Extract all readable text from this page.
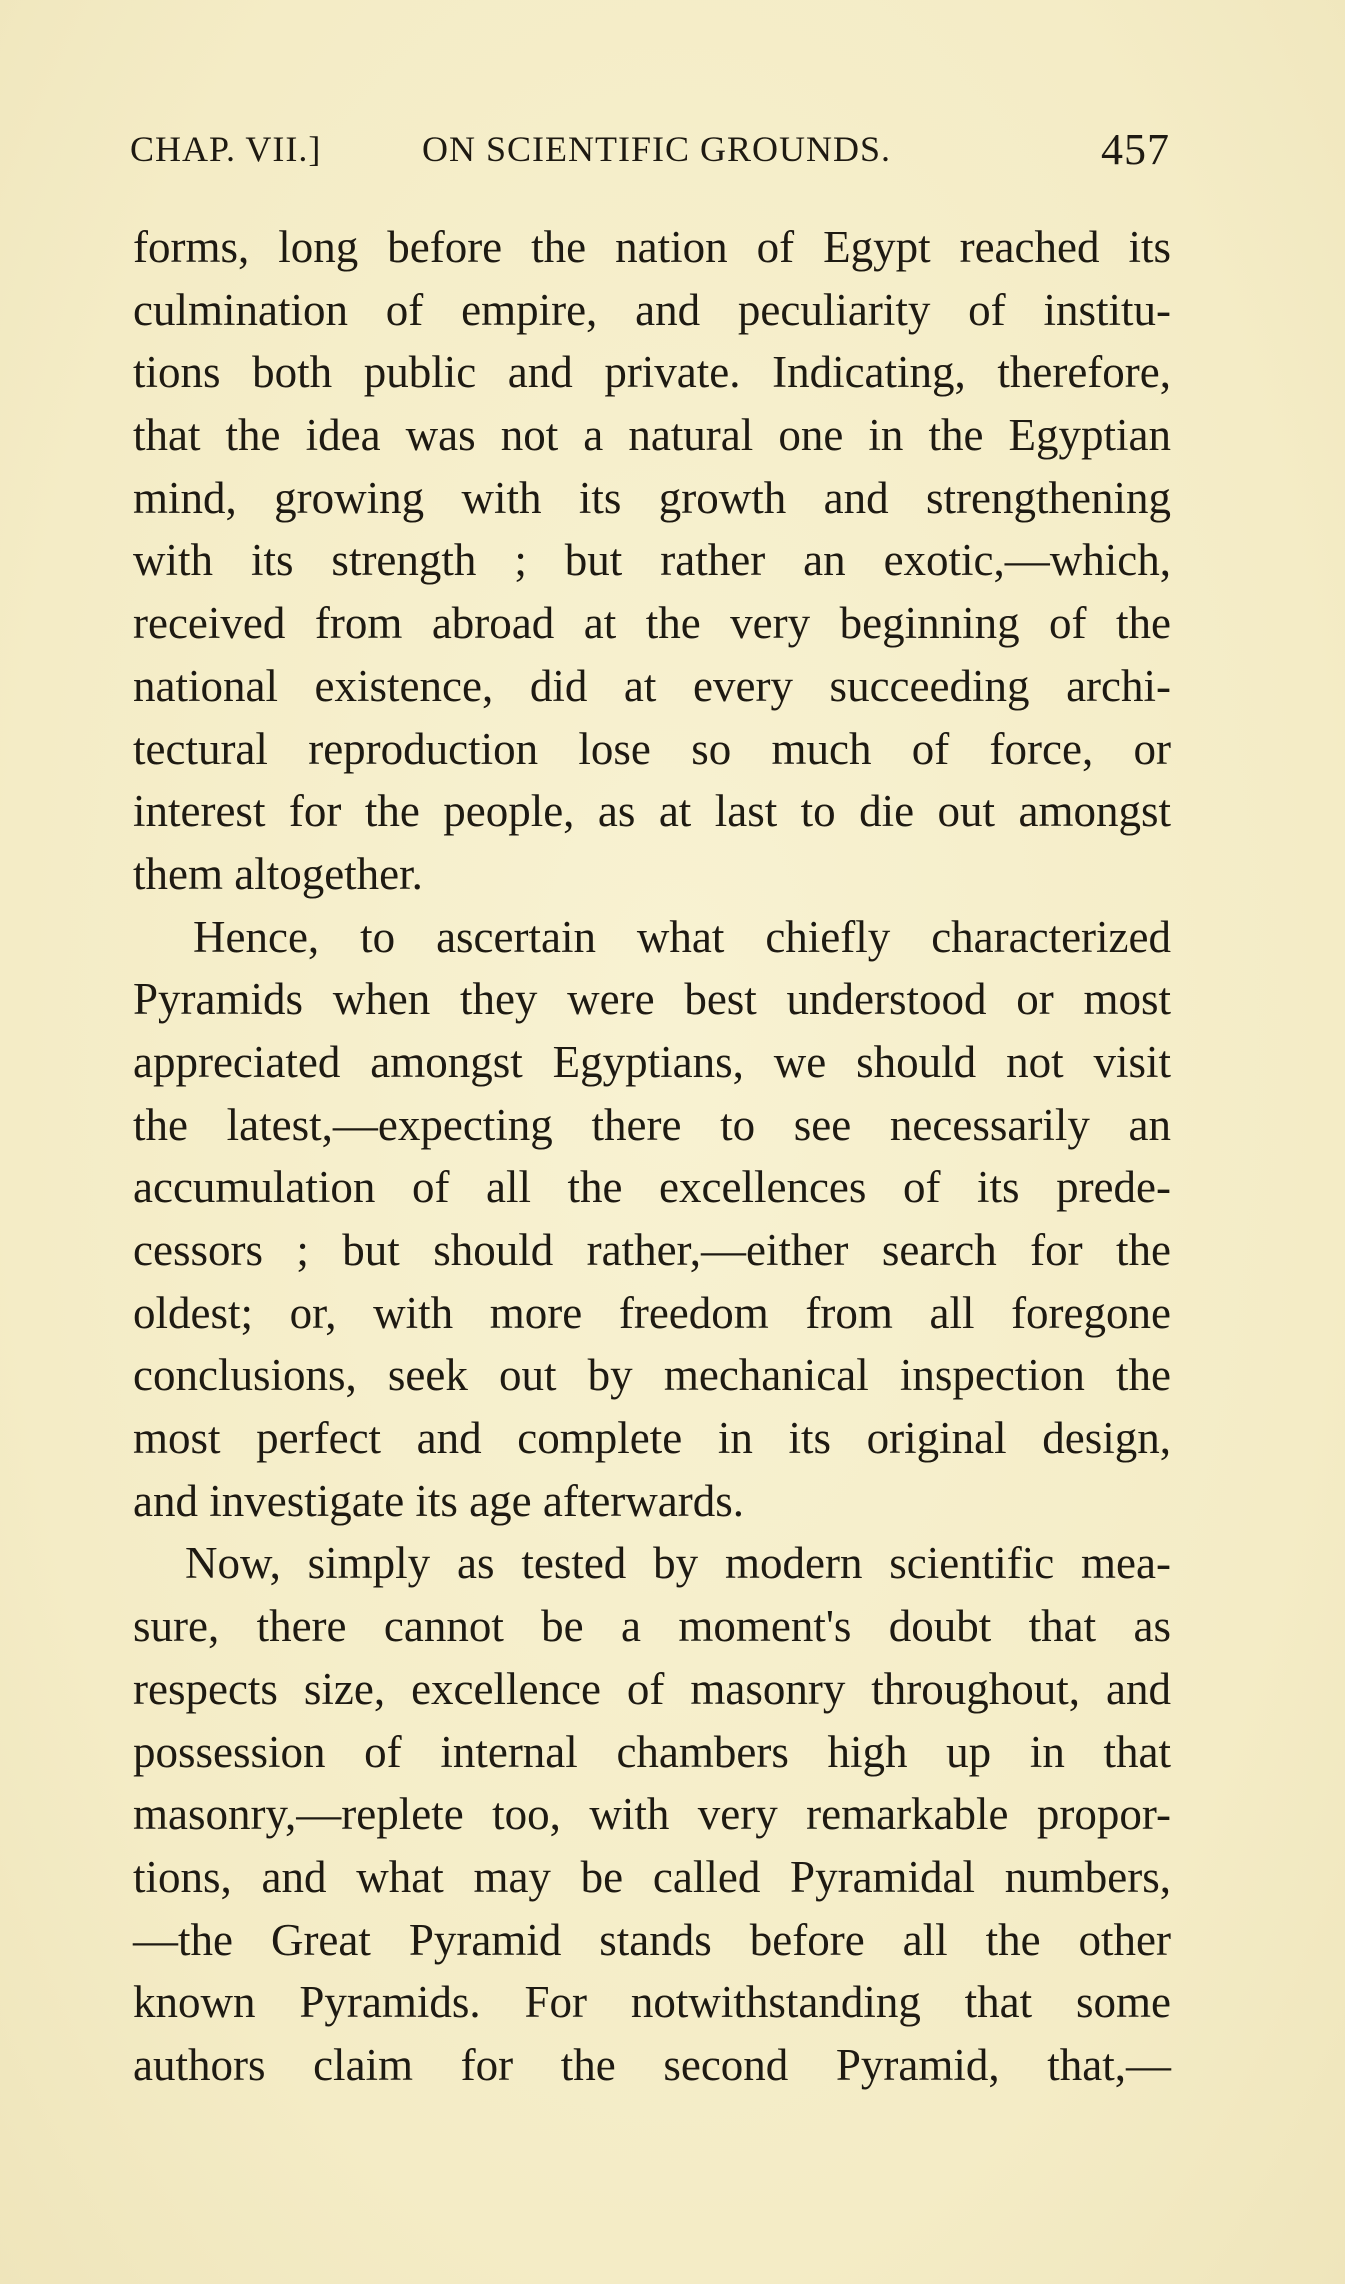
CHAP. VII.]	ON SCIENTIFIC GROUNDS.	457
forms, long before the nation of Egypt reached its
culmination of empire, and peculiarity of institu-
tions both public and private. Indicating, therefore,
that the idea was not a natural one in the Egyptian
mind, growing with its growth and strengthening
with its strength ; but rather an exotic,—which,
received from abroad at the very beginning of the
national existence, did at every succeeding archi-
tectural reproduction lose so much of force, or
interest for the people, as at last to die out amongst
them altogether.
Hence, to ascertain what chiefly characterized
Pyramids when they were best understood or most
appreciated amongst Egyptians, we should not visit
the latest,—expecting there to see necessarily an
accumulation of all the excellences of its prede-
cessors ; but should rather,—either search for the
oldest; or, with more freedom from all foregone
conclusions, seek out by mechanical inspection the
most perfect and complete in its original design,
and investigate its age afterwards.
Now, simply as tested by modern scientific mea-
sure, there cannot be a moment's doubt that as
respects size, excellence of masonry throughout, and
possession of internal chambers high up in that
masonry,—replete too, with very remarkable propor-
tions, and what may be called Pyramidal numbers,
—the Great Pyramid stands before all the other
known Pyramids. For notwithstanding that some
authors claim for the second Pyramid, that,—
